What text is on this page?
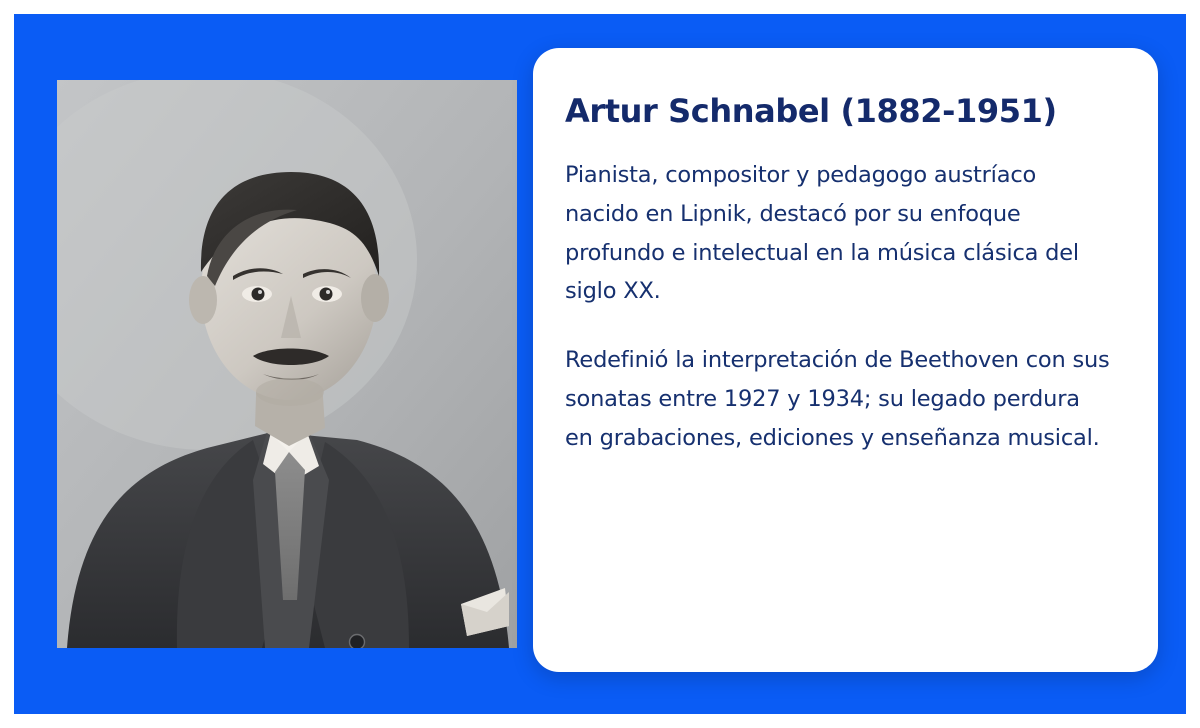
Artur Schnabel (1882-1951)

Pianista, compositor y pedagogo austríaco nacido en Lipnik, destacó por su enfoque profundo e intelectual en la música clásica del siglo XX.

Redefinió la interpretación de Beethoven con sus sonatas entre 1927 y 1934; su legado perdura en grabaciones, ediciones y enseñanza musical.
